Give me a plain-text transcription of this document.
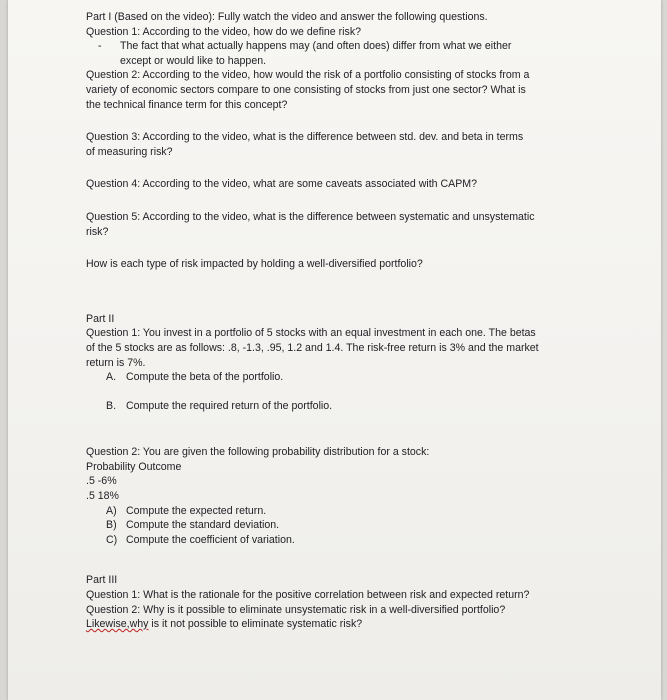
Part I (Based on the video): Fully watch the video and answer the following questions.
Question 1: According to the video, how do we define risk?
- The fact that what actually happens may (and often does) differ from what we either
except or would like to happen.
Question 2: According to the video, how would the risk of a portfolio consisting of stocks from a
variety of economic sectors compare to one consisting of stocks from just one sector? What is
the technical finance term for this concept?
Question 3: According to the video, what is the difference between std. dev. and beta in terms
of measuring risk?
Question 4: According to the video, what are some caveats associated with CAPM?
Question 5: According to the video, what is the difference between systematic and unsystematic
risk?
How is each type of risk impacted by holding a well-diversified portfolio?
Part II
Question 1: You invest in a portfolio of 5 stocks with an equal investment in each one. The betas
of the 5 stocks are as follows: .8, -1.3, .95, 1.2 and 1.4. The risk-free return is 3% and the market
return is 7%.
A. Compute the beta of the portfolio.
B. Compute the required return of the portfolio.
Question 2: You are given the following probability distribution for a stock:
Probability Outcome
.5 -6%
.5 18%
A) Compute the expected return.
B) Compute the standard deviation.
C) Compute the coefficient of variation.
Part III
Question 1: What is the rationale for the positive correlation between risk and expected return?
Question 2: Why is it possible to eliminate unsystematic risk in a well-diversified portfolio?
Likewise,why is it not possible to eliminate systematic risk?
